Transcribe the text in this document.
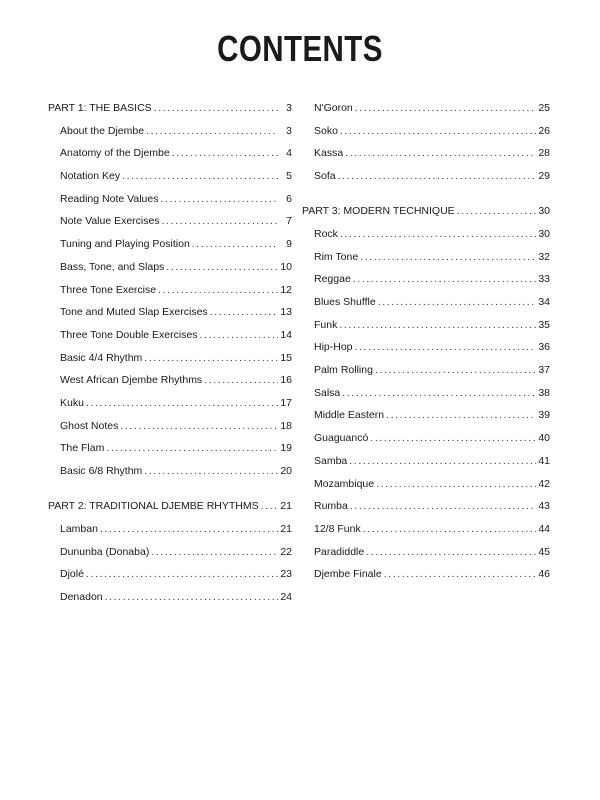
CONTENTS
PART 1: THE BASICS .....	3
About the Djembe .....	3
Anatomy of the Djembe .....	4
Notation Key .....	5
Reading Note Values .....	6
Note Value Exercises .....	7
Tuning and Playing Position .....	9
Bass, Tone, and Slaps .....	10
Three Tone Exercise .....	12
Tone and Muted Slap Exercises .....	13
Three Tone Double Exercises .....	14
Basic 4/4 Rhythm .....	15
West African Djembe Rhythms .....	16
Kuku .....	17
Ghost Notes .....	18
The Flam .....	19
Basic 6/8 Rhythm .....	20
PART 2: TRADITIONAL DJEMBE RHYTHMS ..... 21
Lamban .....	21
Dununba (Donaba) .....	22
Djolé .....	23
Denadon .....	24
N'Goron .....	25
Soko .....	26
Kassa .....	28
Sofa .....	29
PART 3: MODERN TECHNIQUE .....	30
Rock .....	30
Rim Tone .....	32
Reggae .....	33
Blues Shuffle .....	34
Funk .....	35
Hip-Hop .....	36
Palm Rolling .....	37
Salsa .....	38
Middle Eastern .....	39
Guaguancó .....	40
Samba .....	41
Mozambique .....	42
Rumba .....	43
12/8 Funk .....	44
Paradiddle .....	45
Djembe Finale .....	46
